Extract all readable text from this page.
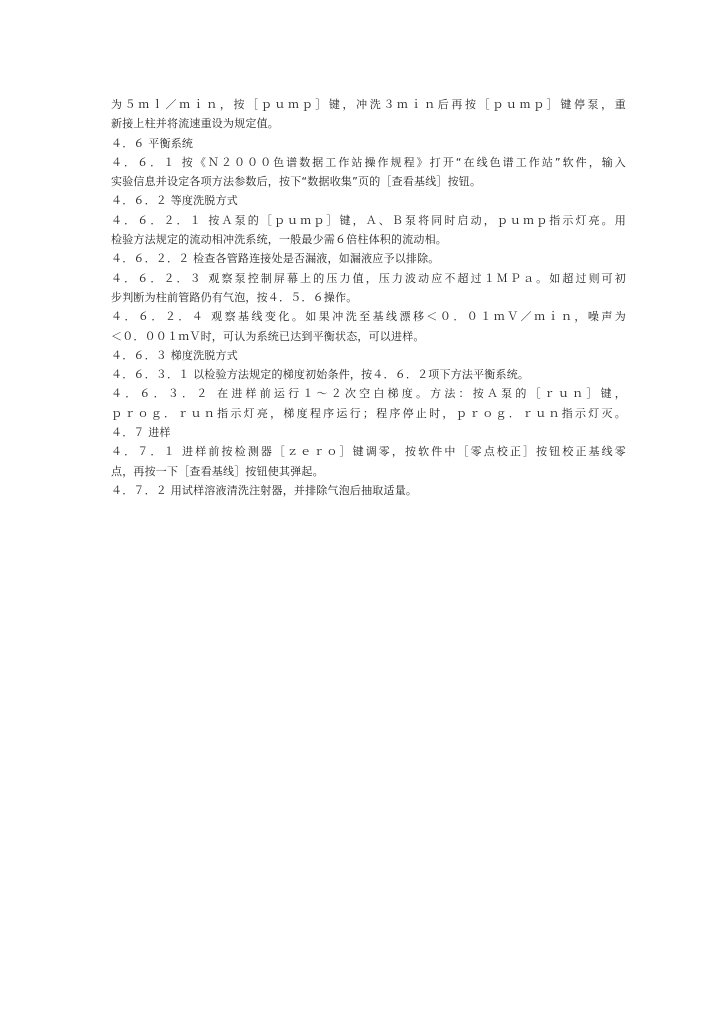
为５ｍｌ／ｍｉｎ，按［ｐｕｍｐ］键，冲洗３ｍｉｎ后再按［ｐｕｍｐ］键停泵，重
新接上柱并将流速重设为规定值。
４．６ 平衡系统
４．６．１ 按《Ｎ２０００色谱数据工作站操作规程》打开“在线色谱工作站”软件，输入
实验信息并设定各项方法参数后，按下“数据收集”页的［查看基线］按钮。
４．６．２ 等度洗脱方式
４．６．２．１ 按Ａ泵的［ｐｕｍｐ］键，Ａ、Ｂ泵将同时启动，ｐｕｍｐ指示灯亮。用
检验方法规定的流动相冲洗系统，一般最少需６倍柱体积的流动相。
４．６．２．２ 检查各管路连接处是否漏液，如漏液应予以排除。
４．６．２．３ 观察泵控制屏幕上的压力值，压力波动应不超过１ＭＰａ。如超过则可初
步判断为柱前管路仍有气泡，按４．５．６操作。
４．６．２．４ 观察基线变化。如果冲洗至基线漂移＜０．０１ｍＶ／ｍｉｎ，噪声为
＜０．００１ｍＶ时，可认为系统已达到平衡状态，可以进样。
４．６．３ 梯度洗脱方式
４．６．３．１ 以检验方法规定的梯度初始条件，按４．６．２项下方法平衡系统。
４．６．３．２ 在进样前运行１～２次空白梯度。方法：按Ａ泵的［ｒｕｎ］键，
ｐｒｏｇ．ｒｕｎ指示灯亮，梯度程序运行；程序停止时，ｐｒｏｇ．ｒｕｎ指示灯灭。
４．７ 进样
４．７．１ 进样前按检测器［ｚｅｒｏ］键调零，按软件中［零点校正］按钮校正基线零
点，再按一下［查看基线］按钮使其弹起。
４．７．２ 用试样溶液清洗注射器，并排除气泡后抽取适量。
